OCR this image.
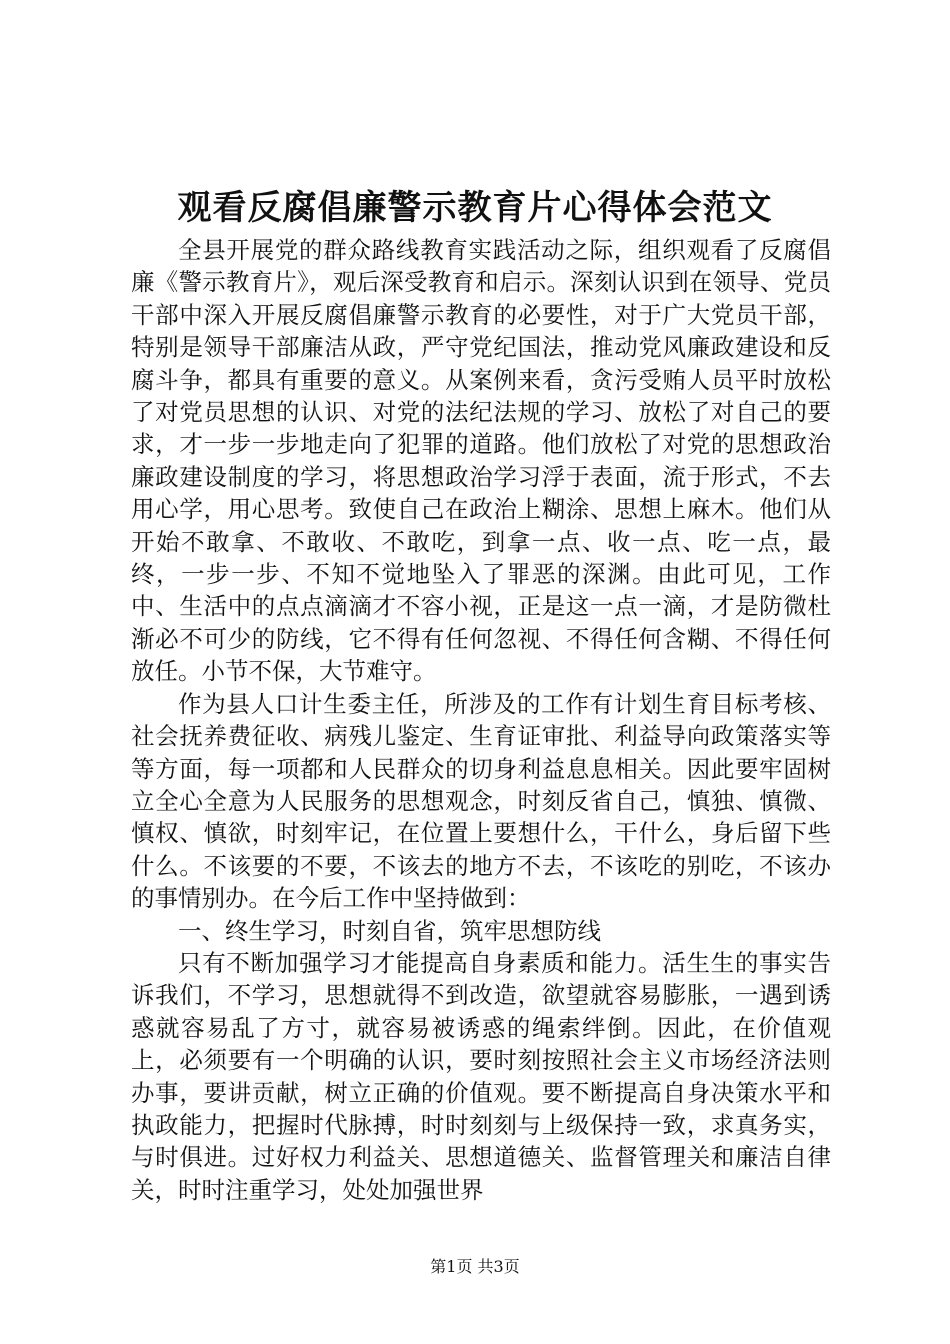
观看反腐倡廉警示教育片心得体会范文

全县开展党的群众路线教育实践活动之际，组织观看了反腐倡廉《警示教育片》，观后深受教育和启示。深刻认识到在领导、党员干部中深入开展反腐倡廉警示教育的必要性，对于广大党员干部，特别是领导干部廉洁从政，严守党纪国法，推动党风廉政建设和反腐斗争，都具有重要的意义。从案例来看，贪污受贿人员平时放松了对党员思想的认识、对党的法纪法规的学习、放松了对自己的要求，才一步一步地走向了犯罪的道路。他们放松了对党的思想政治廉政建设制度的学习，将思想政治学习浮于表面，流于形式，不去用心学，用心思考。致使自己在政治上糊涂、思想上麻木。他们从开始不敢拿、不敢收、不敢吃，到拿一点、收一点、吃一点，最终，一步一步、不知不觉地坠入了罪恶的深渊。由此可见，工作中、生活中的点点滴滴才不容小视，正是这一点一滴，才是防微杜渐必不可少的防线，它不得有任何忽视、不得任何含糊、不得任何放任。小节不保，大节难守。

作为县人口计生委主任，所涉及的工作有计划生育目标考核、社会抚养费征收、病残儿鉴定、生育证审批、利益导向政策落实等等方面，每一项都和人民群众的切身利益息息相关。因此要牢固树立全心全意为人民服务的思想观念，时刻反省自己，慎独、慎微、慎权、慎欲，时刻牢记，在位置上要想什么，干什么，身后留下些什么。不该要的不要，不该去的地方不去，不该吃的别吃，不该办的事情别办。在今后工作中坚持做到：

一、终生学习，时刻自省，筑牢思想防线

只有不断加强学习才能提高自身素质和能力。活生生的事实告诉我们，不学习，思想就得不到改造，欲望就容易膨胀，一遇到诱惑就容易乱了方寸，就容易被诱惑的绳索绊倒。因此，在价值观上，必须要有一个明确的认识，要时刻按照社会主义市场经济法则办事，要讲贡献，树立正确的价值观。要不断提高自身决策水平和执政能力，把握时代脉搏，时时刻刻与上级保持一致，求真务实，与时俱进。过好权力利益关、思想道德关、监督管理关和廉洁自律关，时时注重学习，处处加强世界

第1页 共3页
